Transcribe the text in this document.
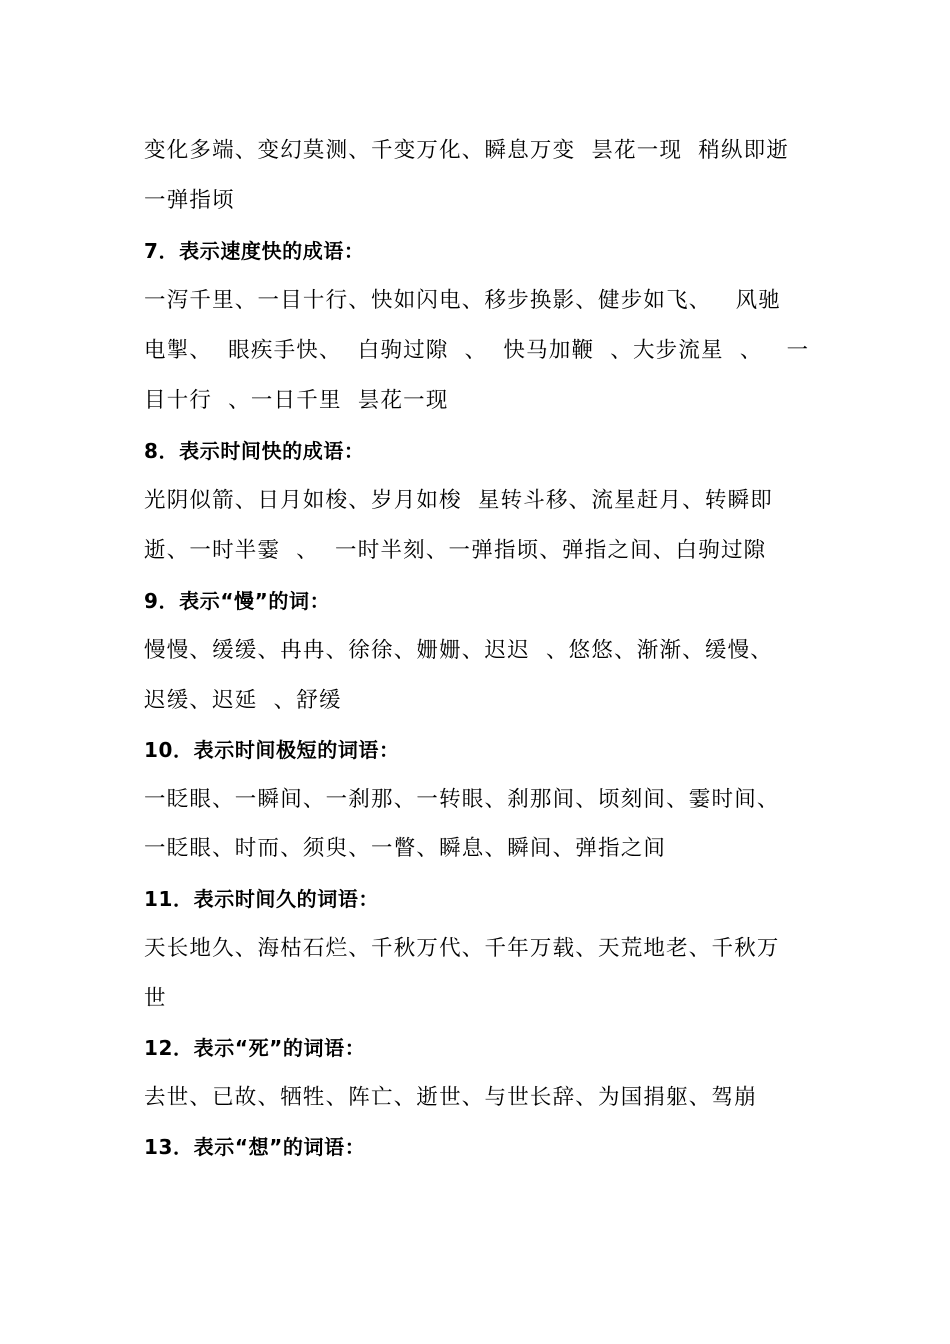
变化多端、变幻莫测、千变万化、瞬息万变  昙花一现  稍纵即逝
一弹指顷
7．表示速度快的成语：
一泻千里、一目十行、快如闪电、移步换影、健步如飞、   风驰
电掣、  眼疾手快、  白驹过隙  、  快马加鞭  、大步流星  、   一
目十行  、一日千里  昙花一现
8．表示时间快的成语：
光阴似箭、日月如梭、岁月如梭  星转斗移、流星赶月、转瞬即
逝、一时半霎  、  一时半刻、一弹指顷、弹指之间、白驹过隙
9．表示“慢”的词：
慢慢、缓缓、冉冉、徐徐、姗姗、迟迟  、悠悠、渐渐、缓慢、
迟缓、迟延  、舒缓
10．表示时间极短的词语：
一眨眼、一瞬间、一刹那、一转眼、刹那间、顷刻间、霎时间、
一眨眼、时而、须臾、一瞥、瞬息、瞬间、弹指之间
11．表示时间久的词语：
天长地久、海枯石烂、千秋万代、千年万载、天荒地老、千秋万
世
12．表示“死”的词语：
去世、已故、牺牲、阵亡、逝世、与世长辞、为国捐躯、驾崩
13．表示“想”的词语：
